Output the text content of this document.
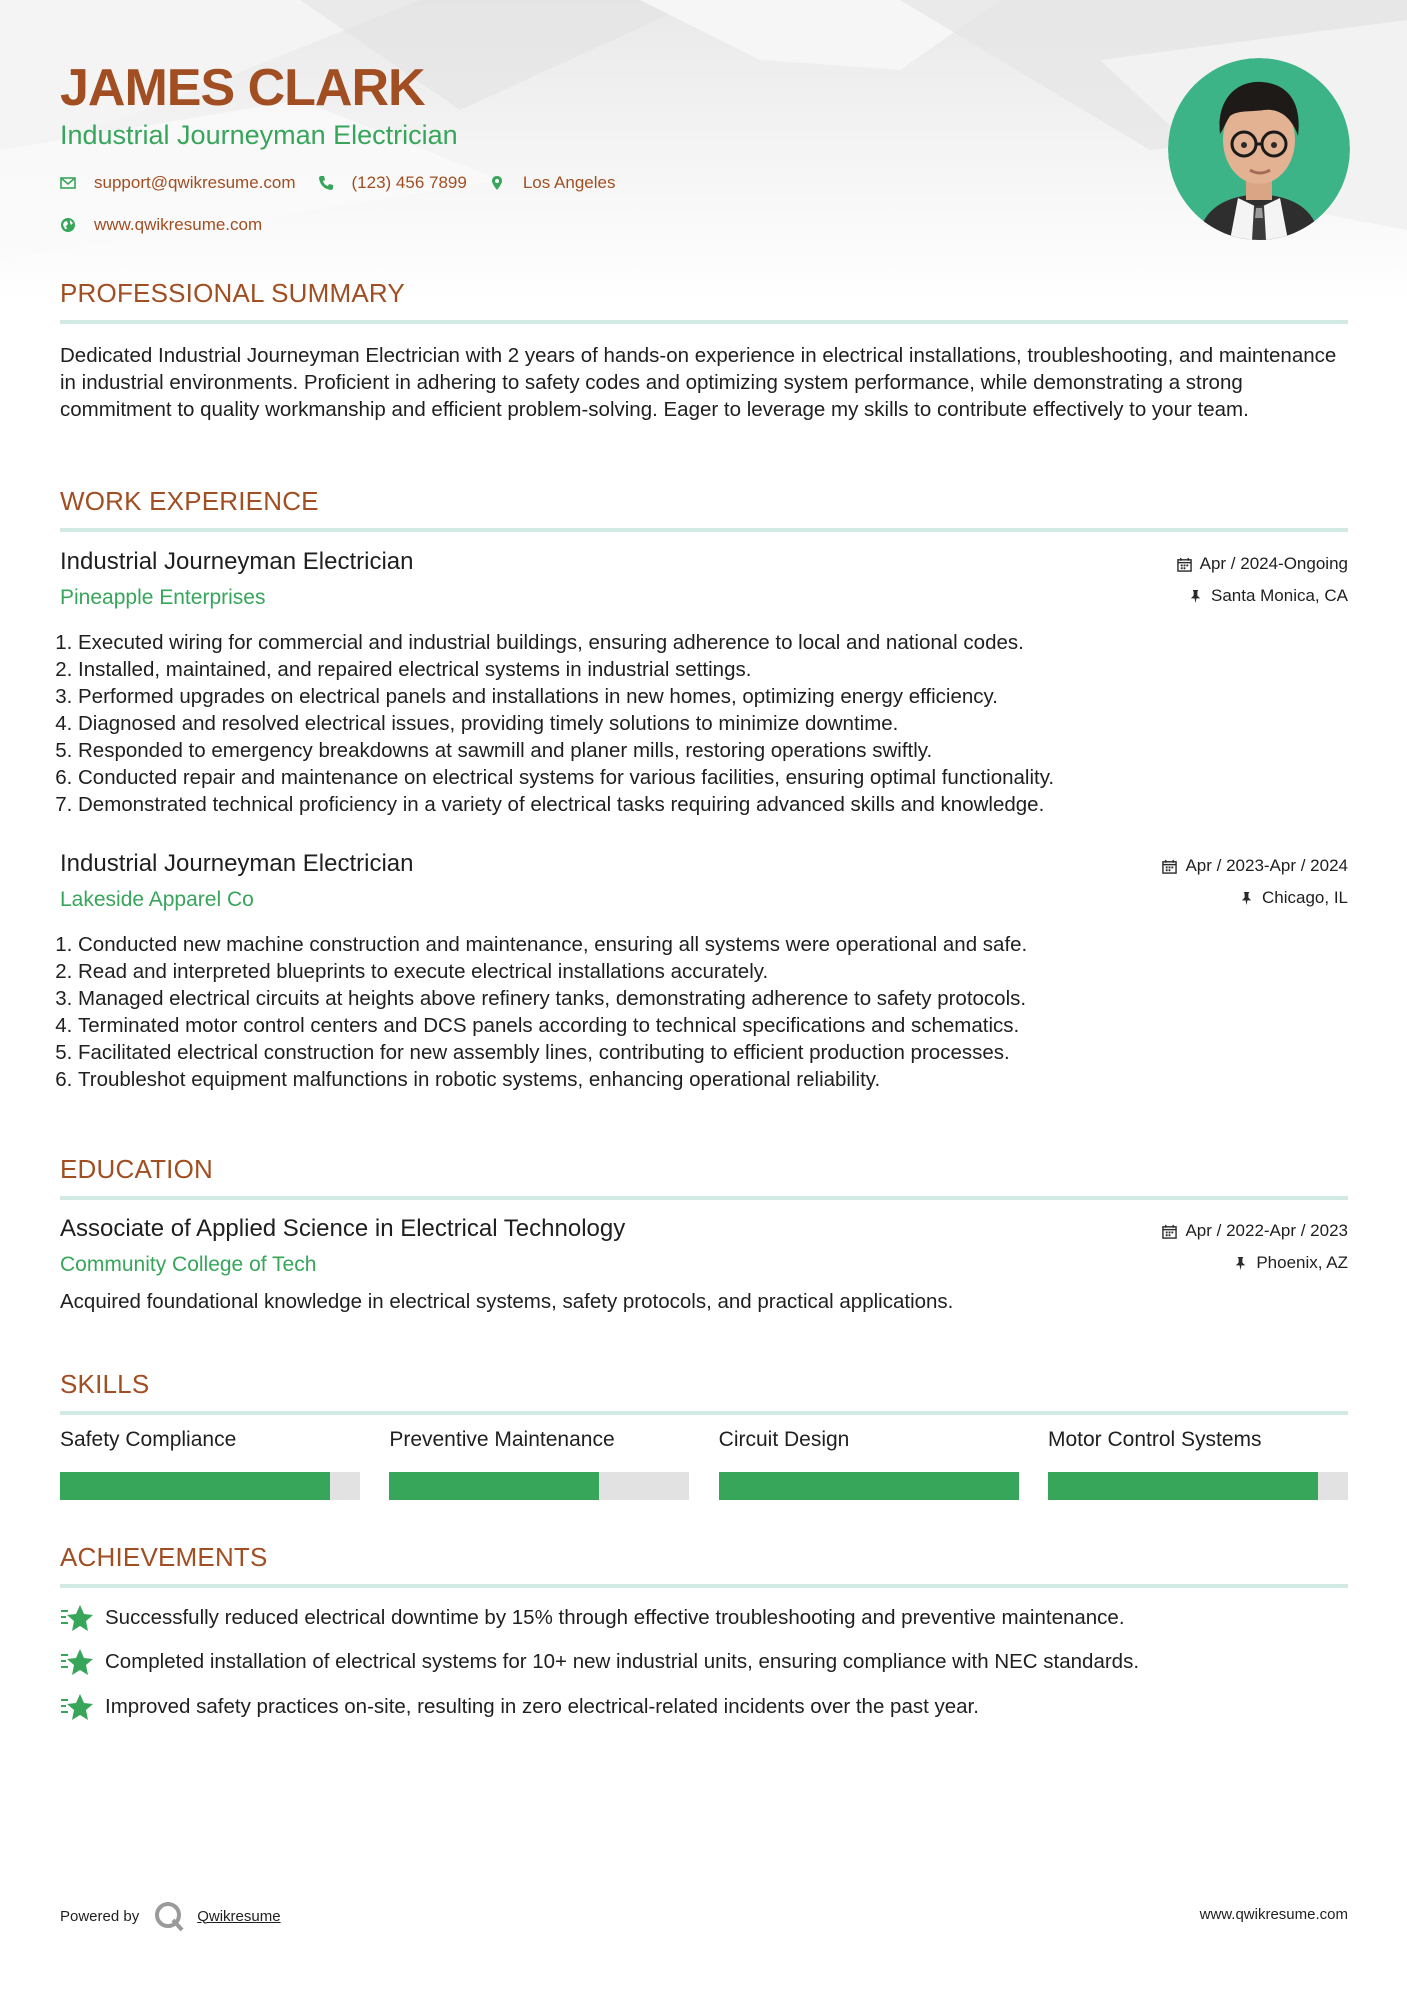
JAMES CLARK
Industrial Journeyman Electrician
support@qwikresume.com	(123) 456 7899	Los Angeles
www.qwikresume.com
PROFESSIONAL SUMMARY
Dedicated Industrial Journeyman Electrician with 2 years of hands-on experience in electrical installations, troubleshooting, and maintenance in industrial environments. Proficient in adhering to safety codes and optimizing system performance, while demonstrating a strong commitment to quality workmanship and efficient problem-solving. Eager to leverage my skills to contribute effectively to your team.
WORK EXPERIENCE
Industrial Journeyman Electrician
Pineapple Enterprises
Apr / 2024-Ongoing
Santa Monica, CA
1. Executed wiring for commercial and industrial buildings, ensuring adherence to local and national codes.
2. Installed, maintained, and repaired electrical systems in industrial settings.
3. Performed upgrades on electrical panels and installations in new homes, optimizing energy efficiency.
4. Diagnosed and resolved electrical issues, providing timely solutions to minimize downtime.
5. Responded to emergency breakdowns at sawmill and planer mills, restoring operations swiftly.
6. Conducted repair and maintenance on electrical systems for various facilities, ensuring optimal functionality.
7. Demonstrated technical proficiency in a variety of electrical tasks requiring advanced skills and knowledge.
Industrial Journeyman Electrician
Lakeside Apparel Co
Apr / 2023-Apr / 2024
Chicago, IL
1. Conducted new machine construction and maintenance, ensuring all systems were operational and safe.
2. Read and interpreted blueprints to execute electrical installations accurately.
3. Managed electrical circuits at heights above refinery tanks, demonstrating adherence to safety protocols.
4. Terminated motor control centers and DCS panels according to technical specifications and schematics.
5. Facilitated electrical construction for new assembly lines, contributing to efficient production processes.
6. Troubleshot equipment malfunctions in robotic systems, enhancing operational reliability.
EDUCATION
Associate of Applied Science in Electrical Technology
Community College of Tech
Apr / 2022-Apr / 2023
Phoenix, AZ
Acquired foundational knowledge in electrical systems, safety protocols, and practical applications.
SKILLS
Safety Compliance	Preventive Maintenance	Circuit Design	Motor Control Systems
ACHIEVEMENTS
Successfully reduced electrical downtime by 15% through effective troubleshooting and preventive maintenance.
Completed installation of electrical systems for 10+ new industrial units, ensuring compliance with NEC standards.
Improved safety practices on-site, resulting in zero electrical-related incidents over the past year.
Powered by	Qwikresume	www.qwikresume.com
